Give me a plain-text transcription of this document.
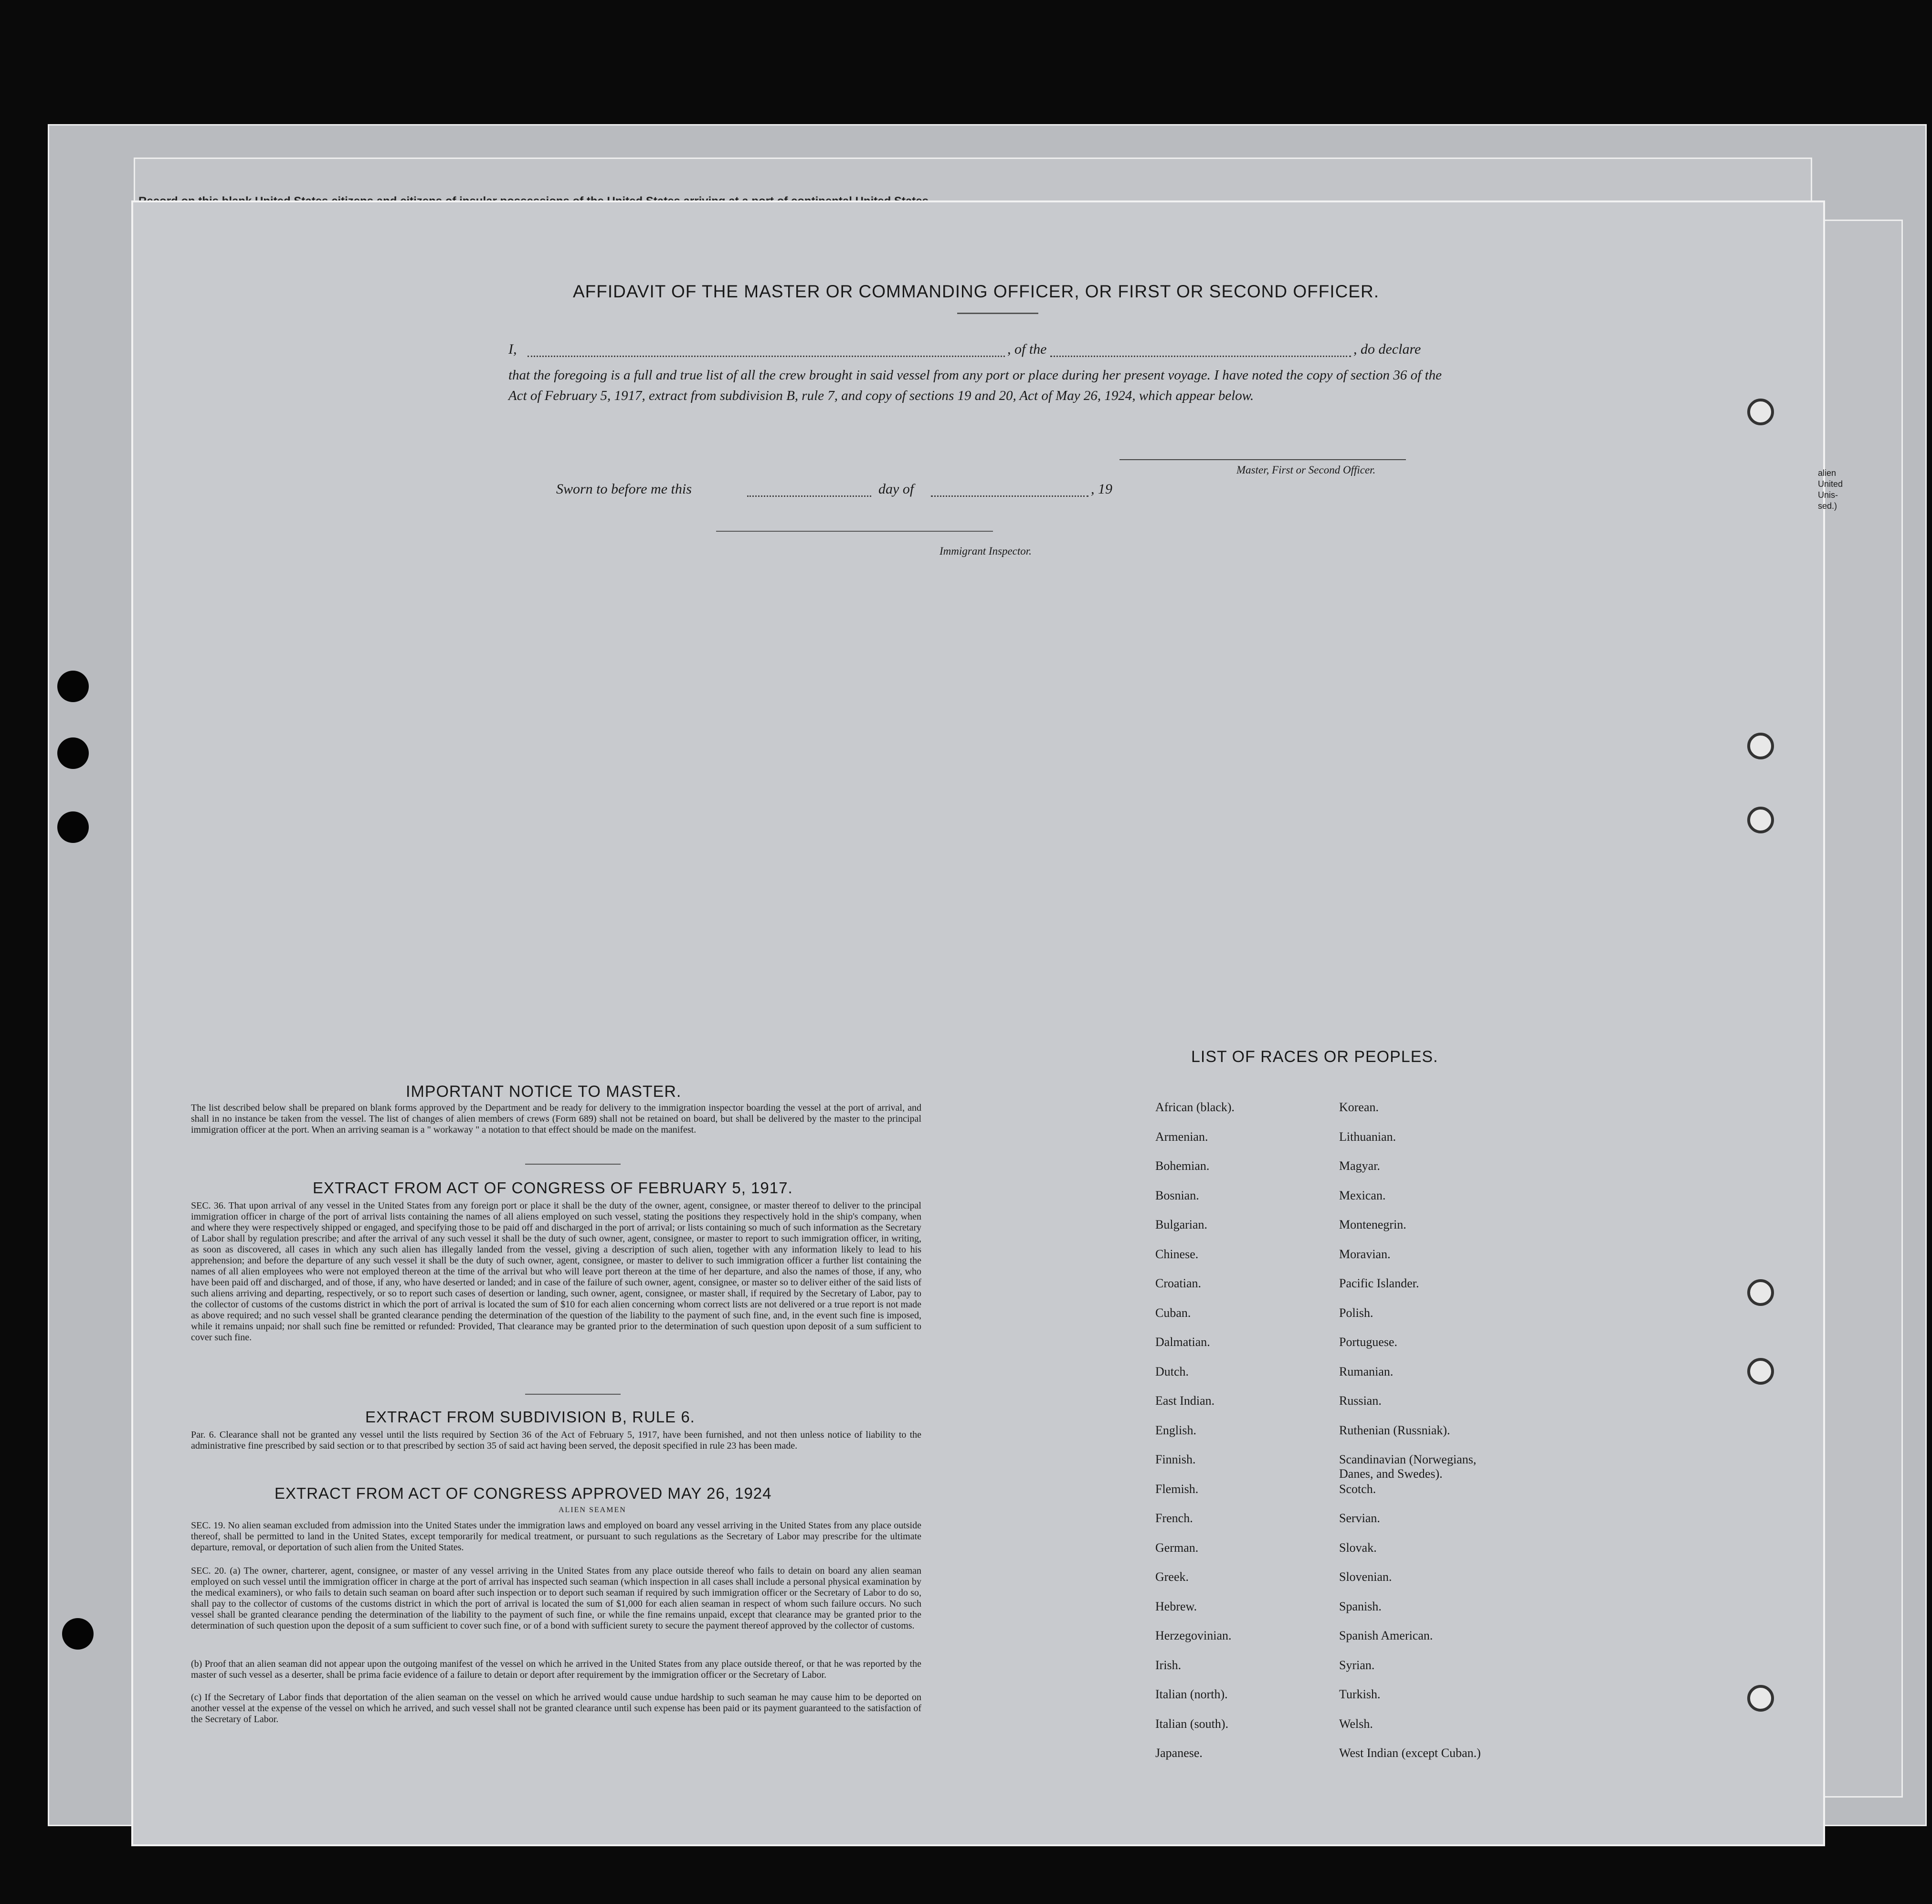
alien United Unis- sed.)
AFFIDAVIT OF THE MASTER OR COMMANDING OFFICER, OR FIRST OR SECOND OFFICER.
I,	, of the	, do declare
that the foregoing is a full and true list of all the crew brought in said vessel from any port or place during her present voyage. I have noted the copy of section 36 of the Act of February 5, 1917, extract from subdivision B, rule 7, and copy of sections 19 and 20, Act of May 26, 1924, which appear below.
Master, First or Second Officer.
Sworn to before me this	day of	, 19
Immigrant Inspector.
IMPORTANT NOTICE TO MASTER.
The list described below shall be prepared on blank forms approved by the Department and be ready for delivery to the immigration inspector boarding the vessel at the port of arrival, and shall in no instance be taken from the vessel. The list of changes of alien members of crews (Form 689) shall not be retained on board, but shall be delivered by the master to the principal immigration officer at the port. When an arriving seaman is a " workaway " a notation to that effect should be made on the manifest.
EXTRACT FROM ACT OF CONGRESS OF FEBRUARY 5, 1917.
SEC. 36. That upon arrival of any vessel in the United States from any foreign port or place it shall be the duty of the owner, agent, consignee, or master thereof to deliver to the principal immigration officer in charge of the port of arrival lists containing the names of all aliens employed on such vessel, stating the positions they respectively hold in the ship's company, when and where they were respectively shipped or engaged, and specifying those to be paid off and discharged in the port of arrival; or lists containing so much of such information as the Secretary of Labor shall by regulation prescribe; and after the arrival of any such vessel it shall be the duty of such owner, agent, consignee, or master to report to such immigration officer, in writing, as soon as discovered, all cases in which any such alien has illegally landed from the vessel, giving a description of such alien, together with any information likely to lead to his apprehension; and before the departure of any such vessel it shall be the duty of such owner, agent, consignee, or master to deliver to such immigration officer a further list containing the names of all alien employees who were not employed thereon at the time of the arrival but who will leave port thereon at the time of her departure, and also the names of those, if any, who have been paid off and discharged, and of those, if any, who have deserted or landed; and in case of the failure of such owner, agent, consignee, or master so to deliver either of the said lists of such aliens arriving and departing, respectively, or so to report such cases of desertion or landing, such owner, agent, consignee, or master shall, if required by the Secretary of Labor, pay to the collector of customs of the customs district in which the port of arrival is located the sum of $10 for each alien concerning whom correct lists are not delivered or a true report is not made as above required; and no such vessel shall be granted clearance pending the determination of the question of the liability to the payment of such fine, and, in the event such fine is imposed, while it remains unpaid; nor shall such fine be remitted or refunded: Provided, That clearance may be granted prior to the determination of such question upon deposit of a sum sufficient to cover such fine.
EXTRACT FROM SUBDIVISION B, RULE 6.
Par. 6. Clearance shall not be granted any vessel until the lists required by Section 36 of the Act of February 5, 1917, have been furnished, and not then unless notice of liability to the administrative fine prescribed by said section or to that prescribed by section 35 of said act having been served, the deposit specified in rule 23 has been made.
EXTRACT FROM ACT OF CONGRESS APPROVED MAY 26, 1924
ALIEN SEAMEN
SEC. 19. No alien seaman excluded from admission into the United States under the immigration laws and employed on board any vessel arriving in the United States from any place outside thereof, shall be permitted to land in the United States, except temporarily for medical treatment, or pursuant to such regulations as the Secretary of Labor may prescribe for the ultimate departure, removal, or deportation of such alien from the United States.
SEC. 20. (a) The owner, charterer, agent, consignee, or master of any vessel arriving in the United States from any place outside thereof who fails to detain on board any alien seaman employed on such vessel until the immigration officer in charge at the port of arrival has inspected such seaman (which inspection in all cases shall include a personal physical examination by the medical examiners), or who fails to detain such seaman on board after such inspection or to deport such seaman if required by such immigration officer or the Secretary of Labor to do so, shall pay to the collector of customs of the customs district in which the port of arrival is located the sum of $1,000 for each alien seaman in respect of whom such failure occurs. No such vessel shall be granted clearance pending the determination of the liability to the payment of such fine, or while the fine remains unpaid, except that clearance may be granted prior to the determination of such question upon the deposit of a sum sufficient to cover such fine, or of a bond with sufficient surety to secure the payment thereof approved by the collector of customs.
(b) Proof that an alien seaman did not appear upon the outgoing manifest of the vessel on which he arrived in the United States from any place outside thereof, or that he was reported by the master of such vessel as a deserter, shall be prima facie evidence of a failure to detain or deport after requirement by the immigration officer or the Secretary of Labor.
(c) If the Secretary of Labor finds that deportation of the alien seaman on the vessel on which he arrived would cause undue hardship to such seaman he may cause him to be deported on another vessel at the expense of the vessel on which he arrived, and such vessel shall not be granted clearance until such expense has been paid or its payment guaranteed to the satisfaction of the Secretary of Labor.
LIST OF RACES OR PEOPLES.
African (black).
Armenian.
Bohemian.
Bosnian.
Bulgarian.
Chinese.
Croatian.
Cuban.
Dalmatian.
Dutch.
East Indian.
English.
Finnish.
Flemish.
French.
German.
Greek.
Hebrew.
Herzegovinian.
Irish.
Italian (north).
Italian (south).
Japanese.
Korean.
Lithuanian.
Magyar.
Mexican.
Montenegrin.
Moravian.
Pacific Islander.
Polish.
Portuguese.
Rumanian.
Russian.
Ruthenian (Russniak).
Scandinavian (Norwegians, Danes, and Swedes).
Scotch.
Servian.
Slovak.
Slovenian.
Spanish.
Spanish American.
Syrian.
Turkish.
Welsh.
West Indian (except Cuban.)
